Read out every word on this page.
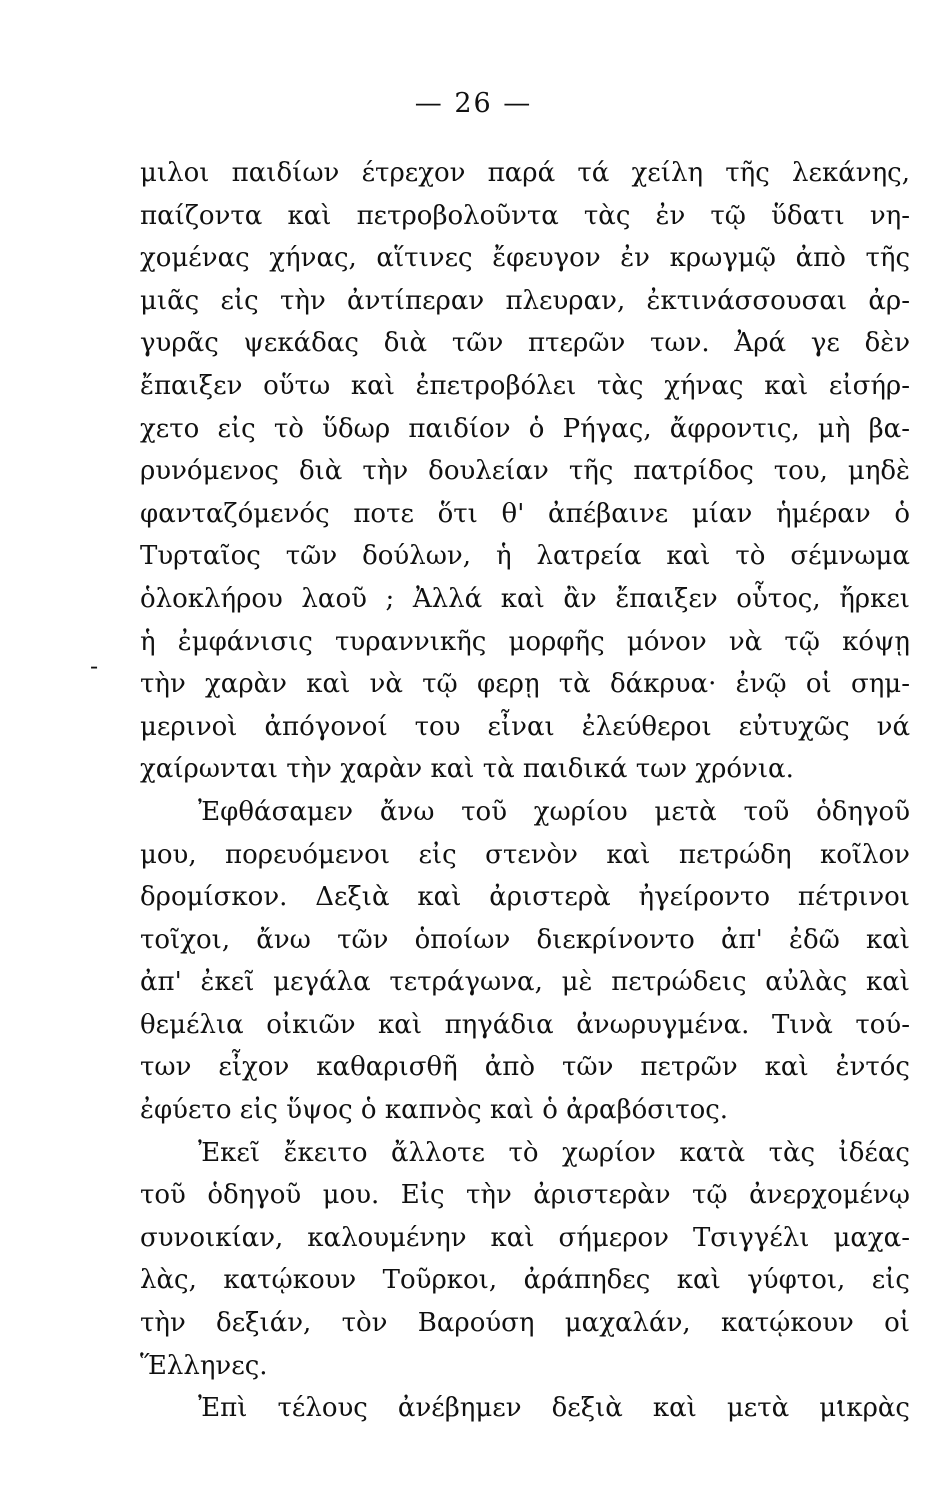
— 26 —
-
μιλοι παιδίων έτρεχον παρά τά χείλη τῆς λεκάνης,
παίζοντα καὶ πετροβολοῦντα τὰς ἐν τῷ ὕδατι νη-
χομένας χήνας, αἵτινες ἔφευγον ἐν κρωγμῷ ἀπὸ τῆς
μιᾶς εἰς τὴν ἀντίπεραν πλευραν, ἐκτινάσσουσαι ἀρ-
γυρᾶς ψεκάδας διὰ τῶν πτερῶν των. Ἀρά γε δὲν
ἔπαιξεν οὕτω καὶ ἐπετροβόλει τὰς χήνας καὶ εἰσήρ-
χετο εἰς τὸ ὕδωρ παιδίον ὁ Ρήγας, ἄφροντις, μὴ βα-
ρυνόμενος διὰ τὴν δουλείαν τῆς πατρίδος του, μηδὲ
φανταζόμενός ποτε ὅτι θ' ἀπέβαινε μίαν ἡμέραν ὁ
Τυρταῖος τῶν δούλων, ἡ λατρεία καὶ τὸ σέμνωμα
ὁλοκλήρου λαοῦ ; Ἀλλά καὶ ἂν ἔπαιξεν οὗτος, ἤρκει
ἡ ἐμφάνισις τυραννικῆς μορφῆς μόνον νὰ τῷ κόψῃ
τὴν χαρὰν καὶ νὰ τῷ φερῃ τὰ δάκρυα· ἐνῷ οἱ σημ-
μερινοὶ ἀπόγονοί του εἶναι ἐλεύθεροι εὐτυχῶς νά
χαίρωνται τὴν χαρὰν καὶ τὰ παιδικά των χρόνια.
Ἐφθάσαμεν ἄνω τοῦ χωρίου μετὰ τοῦ ὁδηγοῦ
μου, πορευόμενοι εἰς στενὸν καὶ πετρώδη κοῖλον
δρομίσκον. Δεξιὰ καὶ ἀριστερὰ ἠγείροντο πέτρινοι
τοῖχοι, ἄνω τῶν ὁποίων διεκρίνοντο ἀπ' ἐδῶ καὶ
ἀπ' ἐκεῖ μεγάλα τετράγωνα, μὲ πετρώδεις αὐλὰς καὶ
θεμέλια οἰκιῶν καὶ πηγάδια ἀνωρυγμένα. Τινὰ τού-
των εἶχον καθαρισθῆ ἀπὸ τῶν πετρῶν καὶ ἐντός
ἐφύετο εἰς ὕψος ὁ καπνὸς καὶ ὁ ἀραβόσιτος.
Ἐκεῖ ἔκειτο ἄλλοτε τὸ χωρίον κατὰ τὰς ἰδέας
τοῦ ὁδηγοῦ μου. Εἰς τὴν ἀριστερὰν τῷ ἀνερχομένῳ
συνοικίαν, καλουμένην καὶ σήμερον Τσιγγέλι μαχα-
λὰς, κατῴκουν Τοῦρκοι, ἀράπηδες καὶ γύφτοι, εἰς
τὴν δεξιάν, τὸν Βαρούση μαχαλάν, κατῴκουν οἱ
Ἕλληνες.
Ἐπὶ τέλους ἀνέβημεν δεξιὰ καὶ μετὰ μικρὰς
